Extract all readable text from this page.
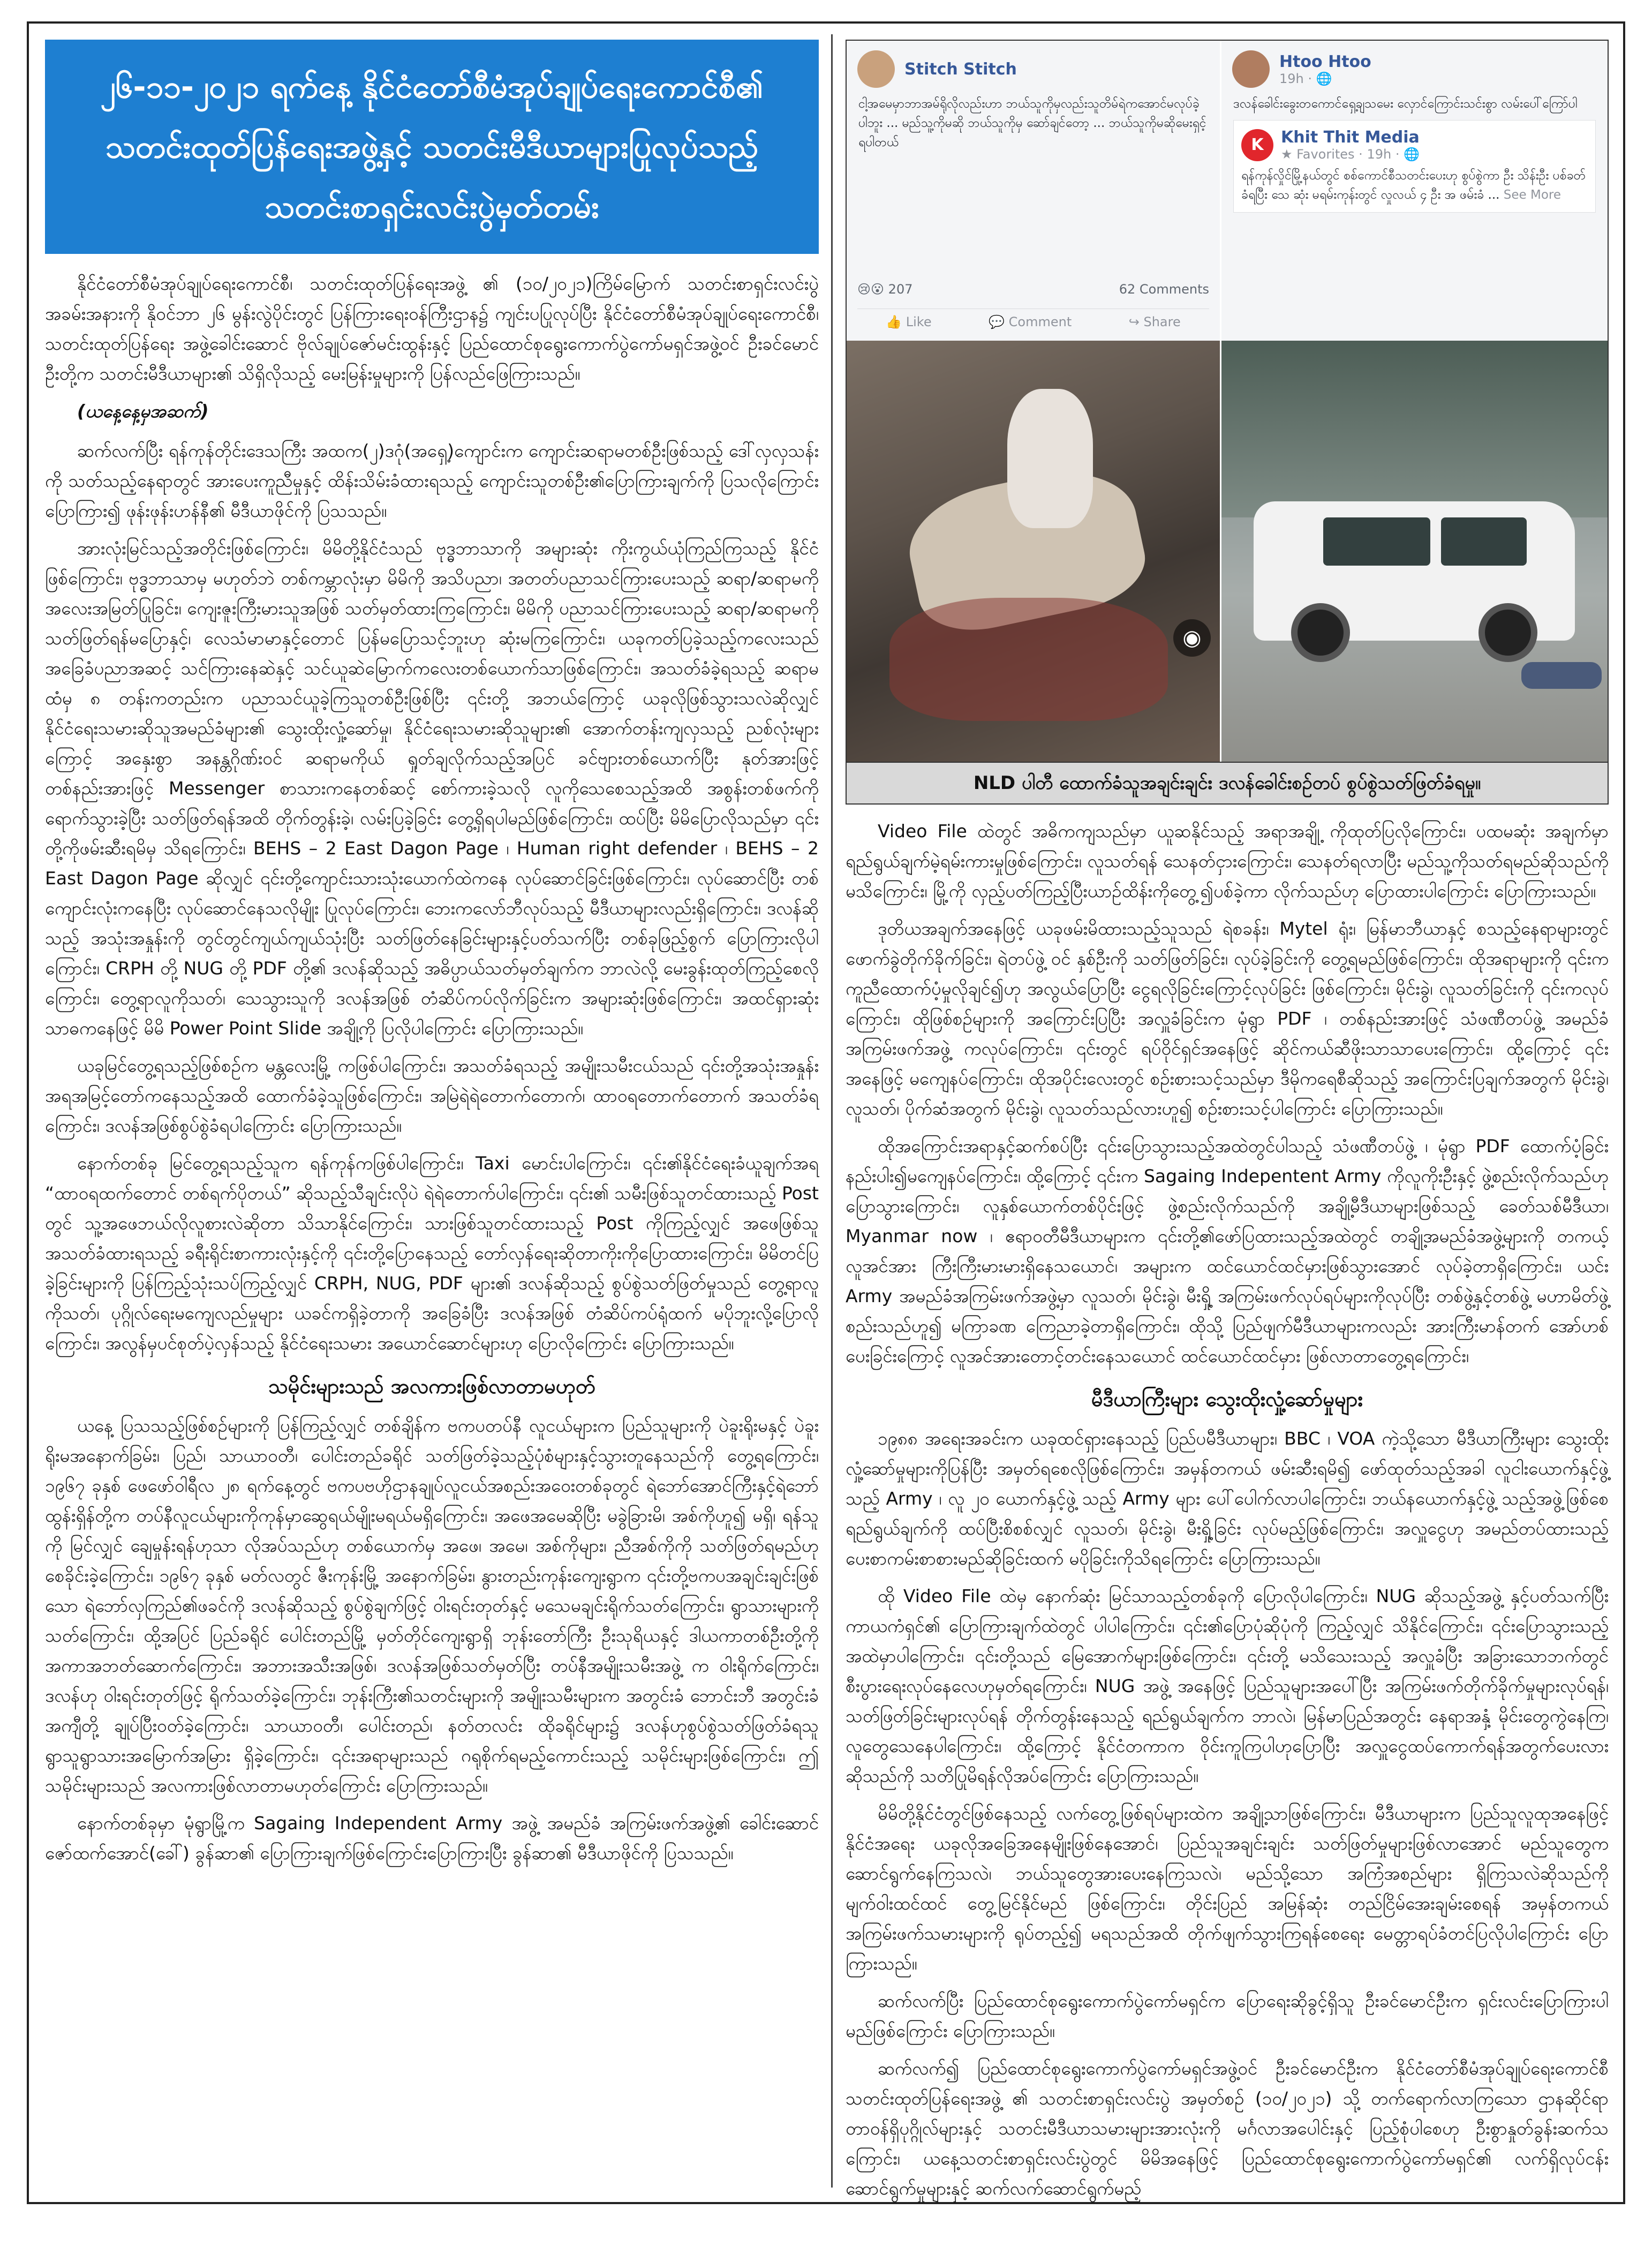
၂၆-၁၁-၂၀၂၁ ရက်နေ့ နိုင်ငံတော်စီမံအုပ်ချုပ်ရေးကောင်စီ၏
သတင်းထုတ်ပြန်ရေးအဖွဲ့နှင့် သတင်းမီဒီယာများပြုလုပ်သည့်
သတင်းစာရှင်းလင်းပွဲမှတ်တမ်း

နိုင်ငံတော်စီမံအုပ်ချုပ်ရေးကောင်စီ၊ သတင်းထုတ်ပြန်ရေးအဖွဲ့ ၏ (၁၀/၂၀၂၁)ကြိမ်မြောက် သတင်းစာရှင်းလင်းပွဲအခမ်းအနားကို နိုဝင်ဘာ ၂၆ မွန်းလွဲပိုင်းတွင် ပြန်ကြားရေးဝန်ကြီးဌာန၌ ကျင်းပပြုလုပ်ပြီး နိုင်ငံတော်စီမံအုပ်ချုပ်ရေးကောင်စီ၊ သတင်းထုတ်ပြန်ရေး အဖွဲ့ခေါင်းဆောင် ဗိုလ်ချုပ်ဇော်မင်းထွန်းနှင့် ပြည်ထောင်စုရွေးကောက်ပွဲကော်မရှင်အဖွဲ့ဝင် ဦးခင်မောင်ဦးတို့က သတင်းမီဒီယာများ၏ သိရှိလိုသည့် မေးမြန်းမှုများကို ပြန်လည်ဖြေကြားသည်။

(ယနေ့နေ့မှအဆက်)

ဆက်လက်ပြီး ရန်ကုန်တိုင်းဒေသကြီး အထက(၂)ဒဂုံ(အရှေ့)ကျောင်းက ကျောင်းဆရာမတစ်ဦးဖြစ်သည့် ဒေါ်လှလှသန်းကို သတ်သည့်နေရာတွင် အားပေးကူညီမှုနှင့် ထိန်းသိမ်းခံထားရသည့် ကျောင်းသူတစ်ဦး၏ပြောကြားချက်ကို ပြသလိုကြောင်းပြောကြား၍ ဖုန်းဖုန်းဟန်နီ၏ မီဒီယာဖိုင်ကို ပြသသည်။

အားလုံးမြင်သည့်အတိုင်းဖြစ်ကြောင်း၊ မိမိတို့နိုင်ငံသည် ဗုဒ္ဓဘာသာကို အများဆုံး ကိုးကွယ်ယုံကြည်ကြသည့် နိုင်ငံဖြစ်ကြောင်း၊ ဗုဒ္ဓဘာသာမှ မဟုတ်ဘဲ တစ်ကမ္ဘာလုံးမှာ မိမိကို အသိပညာ၊ အတတ်ပညာသင်ကြားပေးသည့် ဆရာ/ဆရာမကို အလေးအမြတ်ပြုခြင်း၊ ကျေးဇူးကြီးမားသူအဖြစ် သတ်မှတ်ထားကြကြောင်း၊ မိမိကို ပညာသင်ကြားပေးသည့် ဆရာ/ဆရာမကို သတ်ဖြတ်ရန်မပြောနှင့်၊ လေသံမာမာနှင့်တောင် ပြန်မပြောသင့်ဘူးဟု ဆုံးမကြကြောင်း၊ ယခုကတ်ပြခဲ့သည့်ကလေးသည် အခြေခံပညာအဆင့် သင်ကြားနေဆဲနှင့် သင်ယူဆဲမြောက်ကလေးတစ်ယောက်သာဖြစ်ကြောင်း၊ အသတ်ခံခဲ့ရသည့် ဆရာမထံမှ ၈ တန်းကတည်းက ပညာသင်ယူခဲ့ကြသူတစ်ဦးဖြစ်ပြီး ၎င်းတို့ အဘယ်ကြောင့် ယခုလိုဖြစ်သွားသလဲဆိုလျှင် နိုင်ငံရေးသမားဆိုသူအမည်ခံများ၏ သွေးထိုးလှုံ့ဆော်မှု၊ နိုင်ငံရေးသမားဆိုသူများ၏ အောက်တန်းကျလှသည့် ညစ်လုံးများကြောင့် အနှေးစွာ အနန္တဂိုဏ်းဝင် ဆရာမကိုယ် ရှုတ်ချလိုက်သည့်အပြင် ခင်ဗျားတစ်ယောက်ပြီး နုတ်အားဖြင့်တစ်နည်းအားဖြင့် Messenger စာသားကနေတစ်ဆင့် စော်ကားခဲ့သလို လူကိုသေစေသည့်အထိ အစွန်းတစ်ဖက်ကို ရောက်သွားခဲ့ပြီး သတ်ဖြတ်ရန်အထိ တိုက်တွန်းခဲ့၊ လမ်းပြခဲ့ခြင်း တွေ့ရှိရပါမည်ဖြစ်ကြောင်း၊ ထပ်ပြီး မိမိပြောလိုသည်မှာ ၎င်းတို့ကိုဖမ်းဆီးရမိမှ သိရကြောင်း၊ BEHS – 2 East Dagon Page ၊ Human right defender ၊ BEHS – 2 East Dagon Page ဆိုလျှင် ၎င်းတို့ကျောင်းသားသုံးယောက်ထဲကနေ လုပ်ဆောင်ခြင်းဖြစ်ကြောင်း၊ လုပ်ဆောင်ပြီး တစ်ကျောင်းလုံးကနေပြီး လုပ်ဆောင်နေသလိုမျိုး ပြုလုပ်ကြောင်း၊ ဘေးကလော်ဘီလုပ်သည့် မီဒီယာများလည်းရှိကြောင်း၊ ဒလန်ဆိုသည့် အသုံးအနှုန်းကို တွင်တွင်ကျယ်ကျယ်သုံးပြီး သတ်ဖြတ်နေခြင်းများနှင့်ပတ်သက်ပြီး တစ်ခုဖြည့်စွက် ပြောကြားလိုပါကြောင်း၊ CRPH တို့ NUG တို့ PDF တို့၏ ဒလန်ဆိုသည့် အဓိပ္ပာယ်သတ်မှတ်ချက်က ဘာလဲလို့ မေးခွန်းထုတ်ကြည့်စေလိုကြောင်း၊ တွေ့ရာလူကိုသတ်၊ သေသွားသူကို ဒလန်အဖြစ် တံဆိပ်ကပ်လိုက်ခြင်းက အများဆုံးဖြစ်ကြောင်း၊ အထင်ရှားဆုံးသာဓကနေဖြင့် မိမိ Power Point Slide အချို့ကို ပြလိုပါကြောင်း ပြောကြားသည်။

ယခုမြင်တွေ့ရသည့်ဖြစ်စဉ်က မန္တလေးမြို့ ကဖြစ်ပါကြောင်း၊ အသတ်ခံရသည့် အမျိုးသမီးငယ်သည် ၎င်းတို့အသုံးအနှုန်းအရအမြင့်တော်ကနေသည့်အထိ ထောက်ခံခဲ့သူဖြစ်ကြောင်း၊ အမြဲရဲရဲတောက်တောက်၊ ထာဝရတောက်တောက် အသတ်ခံရကြောင်း၊ ဒလန်အဖြစ်စွပ်စွဲခံရပါကြောင်း ပြောကြားသည်။

နောက်တစ်ခု မြင်တွေ့ရသည့်သူက ရန်ကုန်ကဖြစ်ပါကြောင်း၊ Taxi မောင်းပါကြောင်း၊ ၎င်း၏နိုင်ငံရေးခံယူချက်အရ “ထာဝရထက်တောင် တစ်ရက်ပိုတယ်” ဆိုသည့်သီချင်းလိုပဲ ရဲရဲတောက်ပါကြောင်း၊ ၎င်း၏ သမီးဖြစ်သူတင်ထားသည့် Post တွင် သူ့အဖေဘယ်လိုလူစားလဲဆိုတာ သိသာနိုင်ကြောင်း၊ သားဖြစ်သူတင်ထားသည့် Post ကိုကြည့်လျှင် အဖေဖြစ်သူ အသတ်ခံထားရသည့် ခရီးရိုင်းစာကားလုံးနှင့်ကို ၎င်းတို့ပြောနေသည့် တော်လှန်ရေးဆိုတာကိုးကိုပြောထားကြောင်း၊ မိမိတင်ပြခဲ့ခြင်းများကို ပြန်ကြည့်သုံးသပ်ကြည့်လျှင် CRPH, NUG, PDF များ၏ ဒလန်ဆိုသည့် စွပ်စွဲသတ်ဖြတ်မှုသည် တွေ့ရာလူကိုသတ်၊ ပုဂ္ဂိုလ်ရေးမကျေလည်မှုများ ယခင်ကရှိခဲ့တာကို အခြေခံပြီး ဒလန်အဖြစ် တံဆိပ်ကပ်ရုံထက် မပိုဘူးလို့ပြောလိုကြောင်း၊ အလွန်မှပင်စုတ်ပဲ့လှန်သည့် နိုင်ငံရေးသမား အယောင်ဆောင်များဟု ပြောလိုကြောင်း ပြောကြားသည်။

သမိုင်းများသည် အလကားဖြစ်လာတာမဟုတ်

ယနေ့ ပြသသည့်ဖြစ်စဉ်များကို ပြန်ကြည့်လျှင် တစ်ချိန်က ဗကပတပ်နီ လူငယ်များက ပြည်သူများကို ပဲခူးရိုးမနှင့် ပဲခူးရိုးမအနောက်ခြမ်း၊ ပြည်၊ သာယာဝတီ၊ ပေါင်းတည်ခရိုင် သတ်ဖြတ်ခဲ့သည့်ပုံစံများနှင့်သွားတူနေသည်ကို တွေ့ရကြောင်း၊ ၁၉၆၇ ခုနှစ် ဖေဖော်ဝါရီလ ၂၈ ရက်နေ့တွင် ဗကပဗဟိုဌာနချုပ်လူငယ်အစည်းအဝေးတစ်ခုတွင် ရဲဘော်အောင်ကြီးနှင့်ရဲဘော်ထွန်းရှိန်တို့က တပ်နီလူငယ်များကိုကုန်မှာဆွေရယ်မျိုးမရယ်မရှိကြောင်း၊ အဖေအမေဆိုပြီး မခွဲခြားမိ၊ အစ်ကိုဟူ၍ မရှိ၊ ရန်သူကို မြင်လျှင် ချေမှုန်းရန်ဟုသာ လိုအပ်သည်ဟု တစ်ယောက်မှ အဖေ၊ အမေ၊ အစ်ကိုများ၊ ညီအစ်ကိုကို သတ်ဖြတ်ရမည်ဟု စေခိုင်းခဲ့ကြောင်း၊ ၁၉၆၇ ခုနှစ် မတ်လတွင် ဇီးကုန်းမြို့ အနောက်ခြမ်း၊ နွားတည်းကုန်းကျေးရွာက ၎င်းတို့ဗကပအချင်းချင်းဖြစ်သော ရဲဘော်လှကြည်၏ဖခင်ကို ဒလန်ဆိုသည့် စွပ်စွဲချက်ဖြင့် ဝါးရင်းတုတ်နှင့် မသေမချင်းရိုက်သတ်ကြောင်း၊ ရွာသားများကိုသတ်ကြောင်း၊ ထို့အပြင် ပြည်ခရိုင် ပေါင်းတည်မြို့ မှတ်တိုင်ကျေးရွာရှိ ဘုန်းတော်ကြီး ဦးသုရိယနှင့် ဒါယကာတစ်ဦးတို့ကို အကာအဘတ်ဆောက်ကြောင်း၊ အဘားအသီးအဖြစ်၊ ဒလန်အဖြစ်သတ်မှတ်ပြီး တပ်နီအမျိုးသမီးအဖွဲ့ က ဝါးရိုက်ကြောင်း၊ ဒလန်ဟု ဝါးရင်းတုတ်ဖြင့် ရိုက်သတ်ခဲ့ကြောင်း၊ ဘုန်းကြီး၏သတင်းများကို အမျိုးသမီးများက အတွင်းခံ ဘောင်းဘီ အတွင်းခံအကျီတို့ ချုပ်ပြီးဝတ်ခဲ့ကြောင်း၊ သာယာဝတီ၊ ပေါင်းတည်၊ နတ်တလင်း ထိုခရိုင်များ၌ ဒလန်ဟုစွပ်စွဲသတ်ဖြတ်ခံရသူ ရွာသူရွာသားအမြောက်အမြား ရှိခဲ့ကြောင်း၊ ၎င်းအရာများသည် ဂရုစိုက်ရမည့်ကောင်းသည့် သမိုင်းများဖြစ်ကြောင်း၊ ဤသမိုင်းများသည် အလကားဖြစ်လာတာမဟုတ်ကြောင်း ပြောကြားသည်။

နောက်တစ်ခုမှာ မုံရွာမြို့က Sagaing Independent Army အဖွဲ့ အမည်ခံ အကြမ်းဖက်အဖွဲ့၏ ခေါင်းဆောင် ဇော်ထက်အောင်(ခေါ်) ခွန်ဆာ၏ ပြောကြားချက်ဖြစ်ကြောင်းပြောကြားပြီး ခွန်ဆာ၏ မီဒီယာဖိုင်ကို ပြသသည်။

Stitch Stitch
ငါ့အမေမှာဘာအမ်ရိုလိုလည်းဟာ ဘယ်သူကိုမှလည်းသူတိမ်ရဲကအောင်မလုပ်ခဲ့ပါဘူး ... မည်သူ့ကိုမဆို ဘယ်သူကိုမှ ဆော်ချင်တော့ ... ဘယ်သူကိုမဆိုမေးရှင့်ရပါတယ်
😢😮 207	62 Comments
👍 Like	💬 Comment	↪ Share
Htoo Htoo
19h · 🌐
ဒလန်ခေါင်းခွေးတကောင်ရှေ့ချသမေး လှောင်ကြောင်းသင်းစွာ လမ်းပေါ်ကြော်ပါ
K	Khit Thit Media
★ Favorites · 19h · 🌐
ရန်ကုန်လှိုင်မြို့နယ်တွင် စစ်ကောင်စီသတင်းပေးဟု စွပ်စွဲကာ ဦး သိန်းဦး ပစ်ခတ်ခံရပြီး သေ ဆုံး မရမ်းကုန်းတွင် လှုလယ် ၄ ဦး အ ဖမ်းခံ ... See More
◉
NLD ပါတီ ထောက်ခံသူအချင်းချင်း ဒလန်ခေါင်းစဉ်တပ် စွပ်စွဲသတ်ဖြတ်ခံရမှု။

Video File ထဲတွင် အဓိကကျသည်မှာ ယူဆနိုင်သည့် အရာအချို့ ကိုထုတ်ပြလိုကြောင်း၊ ပထမဆုံး အချက်မှာ ရည်ရွယ်ချက်မဲ့ရမ်းကားမှုဖြစ်ကြောင်း၊ လူသတ်ရန် သေနတ်ငှားကြောင်း၊ သေနတ်ရလာပြီး မည်သူ့ကိုသတ်ရမည်ဆိုသည်ကို မသိကြောင်း၊ မြို့ကို လှည့်ပတ်ကြည့်ပြီးယာဉ်ထိန်းကိုတွေ့၍ပစ်ခဲ့ကာ လိုက်သည်ဟု ပြောထားပါကြောင်း ပြောကြားသည်။

ဒုတိယအချက်အနေဖြင့် ယခုဖမ်းမိထားသည့်သူသည် ရဲစခန်း၊ Mytel ရုံး၊ မြန်မာဘီယာနှင့် စသည့်နေရာများတွင် ဖောက်ခွဲတိုက်ခိုက်ခြင်း၊ ရဲတပ်ဖွဲ့ ဝင် နှစ်ဦးကို သတ်ဖြတ်ခြင်း၊ လုပ်ခဲ့ခြင်းကို တွေ့ရမည်ဖြစ်ကြောင်း၊ ထိုအရာများကို ၎င်းက ကူညီထောက်ပံ့မှုလိုချင်၍ဟု အလွယ်ပြောပြီး ငွေရလိုခြင်းကြောင့်လုပ်ခြင်း ဖြစ်ကြောင်း၊ မိုင်းခွဲ၊ လူသတ်ခြင်းကို ၎င်းကလုပ်ကြောင်း၊ ထိုဖြစ်စဉ်များကို အကြောင်းပြပြီး အလှူခံခြင်းက မုံရွာ PDF ၊ တစ်နည်းအားဖြင့် သံဖဏီတပ်ဖွဲ့ အမည်ခံအကြမ်းဖက်အဖွဲ့ ကလုပ်ကြောင်း၊ ၎င်းတွင် ရပ်ဝိုင်ရှင်အနေဖြင့် ဆိုင်ကယ်ဆီဖိုးသာသာပေးကြောင်း၊ ထို့ကြောင့် ၎င်းအနေဖြင့် မကျေနပ်ကြောင်း၊ ထိုအပိုင်းလေးတွင် စဉ်းစားသင့်သည်မှာ ဒီမိုကရေစီဆိုသည့် အကြောင်းပြချက်အတွက် မိုင်းခွဲ၊ လူသတ်၊ ပိုက်ဆံအတွက် မိုင်းခွဲ၊ လူသတ်သည်လားဟူ၍ စဉ်းစားသင့်ပါကြောင်း ပြောကြားသည်။

ထိုအကြောင်းအရာနှင့်ဆက်စပ်ပြီး ၎င်းပြောသွားသည့်အထဲတွင်ပါသည့် သံဖဏီတပ်ဖွဲ့ ၊ မုံရွာ PDF ထောက်ပံ့ခြင်း နည်းပါး၍မကျေနပ်ကြောင်း၊ ထို့ကြောင့် ၎င်းက Sagaing Indepentent Army ကိုလူကိုးဦးနှင့် ဖွဲ့စည်းလိုက်သည်ဟု ပြောသွားကြောင်း၊ လူနှစ်ယောက်တစ်ပိုင်းဖြင့် ဖွဲ့စည်းလိုက်သည်ကို အချို့မီဒီယာများဖြစ်သည့် ခေတ်သစ်မီဒီယာ၊ Myanmar now ၊ ဧရာဝတီမီဒီယာများက ၎င်းတို့၏ဖော်ပြထားသည့်အထဲတွင် တချို့အမည်ခံအဖွဲ့များကို တကယ့်လူအင်အား ကြီးကြီးမားမားရှိနေသယောင်၊ အများက ထင်ယောင်ထင်မှားဖြစ်သွားအောင် လုပ်ခဲ့တာရှိကြောင်း၊ ယင်း Army အမည်ခံအကြမ်းဖက်အဖွဲ့မှာ လူသတ်၊ မိုင်းခွဲ၊ မီးရှို့ အကြမ်းဖက်လုပ်ရပ်များကိုလုပ်ပြီး တစ်ဖွဲ့နှင့်တစ်ဖွဲ့ မဟာမိတ်ဖွဲ့ စည်းသည်ဟူ၍ မကြာခဏ ကြေညာခဲ့တာရှိကြောင်း၊ ထိုသို့ ပြည်ဖျက်မီဒီယာများကလည်း အားကြီးမာန်တက် အော်ဟစ်ပေးခြင်းကြောင့် လူအင်အားတောင့်တင်းနေသယောင် ထင်ယောင်ထင်မှား ဖြစ်လာတာတွေ့ရကြောင်း၊

မီဒီယာကြီးများ သွေးထိုးလှုံ့ဆော်မှုများ

၁၉၈၈ အရေးအခင်းက ယခုထင်ရှားနေသည့် ပြည်ပမီဒီယာများ၊ BBC ၊ VOA ကဲ့သို့သော မီဒီယာကြီးများ သွေးထိုးလှုံ့ဆော်မှုများကိုပြန်ပြီး အမှတ်ရစေလိုဖြစ်ကြောင်း၊ အမှန်တကယ် ဖမ်းဆီးရမိ၍ ဖော်ထုတ်သည့်အခါ လူငါးယောက်နှင့်ဖွဲ့ သည့် Army ၊ လူ ၂၀ ယောက်နှင့်ဖွဲ့ သည့် Army များ ပေါ်ပေါက်လာပါကြောင်း၊ ဘယ်နယောက်နှင့်ဖွဲ့ သည့်အဖွဲ့ဖြစ်စေ ရည်ရွယ်ချက်ကို ထပ်ပြီးစိစစ်လျှင် လူသတ်၊ မိုင်းခွဲ၊ မီးရှို့ခြင်း လုပ်မည့်ဖြစ်ကြောင်း၊ အလှူငွေဟု အမည်တပ်ထားသည့် ပေးစာကမ်းစာစားမည်ဆိုခြင်းထက် မပိုခြင်းကိုသိရကြောင်း ပြောကြားသည်။

ထို Video File ထဲမှ နောက်ဆုံး မြင်သာသည့်တစ်ခုကို ပြောလိုပါကြောင်း၊ NUG ဆိုသည့်အဖွဲ့ နှင့်ပတ်သက်ပြီး ကာယကံရှင်၏ ပြောကြားချက်ထဲတွင် ပါပါကြောင်း၊ ၎င်း၏ပြောပုံဆိုပုံကို ကြည့်လျှင် သိနိုင်ကြောင်း၊ ၎င်းပြောသွားသည့် အထဲမှာပါကြောင်း၊ ၎င်းတို့သည် မြေအောက်များဖြစ်ကြောင်း၊ ၎င်းတို့ မသိသေးသည့် အလှူခံပြီး အခြားသောဘက်တွင် စီးပွားရေးလုပ်နေလေဟုမှတ်ရကြောင်း၊ NUG အဖွဲ့ အနေဖြင့် ပြည်သူများအပေါ်ပြီး အကြမ်းဖက်တိုက်ခိုက်မှုများလုပ်ရန်၊ သတ်ဖြတ်ခြင်းများလုပ်ရန် တိုက်တွန်းနေသည့် ရည်ရွယ်ချက်က ဘာလဲ၊ မြန်မာပြည်အတွင်း နေရာအနှံ့ မိုင်းတွေကွဲနေကြ၊ လူတွေသေနေပါကြောင်း၊ ထို့ကြောင့် နိုင်ငံတကာက ဝိုင်းကူကြပါဟုပြောပြီး အလှူငွေထပ်ကောက်ရန်အတွက်ပေးလားဆိုသည်ကို သတိပြုမိရန်လိုအပ်ကြောင်း ပြောကြားသည်။

မိမိတို့နိုင်ငံတွင်ဖြစ်နေသည့် လက်တွေ့ဖြစ်ရပ်များထဲက အချို့သာဖြစ်ကြောင်း၊ မီဒီယာများက ပြည်သူလူထုအနေဖြင့် နိုင်ငံအရေး ယခုလိုအခြေအနေမျိုးဖြစ်နေအောင်၊ ပြည်သူအချင်းချင်း သတ်ဖြတ်မှုများဖြစ်လာအောင် မည်သူတွေက ဆောင်ရွက်နေကြသလဲ၊ ဘယ်သူတွေအားပေးနေကြသလဲ၊ မည်သို့သော အကြံအစည်များ ရှိကြသလဲဆိုသည်ကို မျက်ဝါးထင်ထင် တွေ့မြင်နိုင်မည် ဖြစ်ကြောင်း၊ တိုင်းပြည် အမြန်ဆုံး တည်ငြိမ်အေးချမ်းစေရန် အမှန်တကယ်အကြမ်းဖက်သမားများကို ရုပ်တည့်၍ မရသည်အထိ တိုက်ဖျက်သွားကြရန်စေရေး မေတ္တာရပ်ခံတင်ပြလိုပါကြောင်း ပြောကြားသည်။

ဆက်လက်ပြီး ပြည်ထောင်စုရွေးကောက်ပွဲကော်မရှင်က ပြောရေးဆိုခွင့်ရှိသူ ဦးခင်မောင်ဦးက ရှင်းလင်းပြောကြားပါမည်ဖြစ်ကြောင်း ပြောကြားသည်။

ဆက်လက်၍ ပြည်ထောင်စုရွေးကောက်ပွဲကော်မရှင်အဖွဲ့ဝင် ဦးခင်မောင်ဦးက နိုင်ငံတော်စီမံအုပ်ချုပ်ရေးကောင်စီ သတင်းထုတ်ပြန်ရေးအဖွဲ့ ၏ သတင်းစာရှင်းလင်းပွဲ အမှတ်စဉ် (၁၀/၂၀၂၁) သို့ တက်ရောက်လာကြသော ဌာနဆိုင်ရာတာဝန်ရှိပုဂ္ဂိုလ်များနှင့် သတင်းမီဒီယာသမားများအားလုံးကို မင်္ဂလာအပေါင်းနှင့် ပြည့်စုံပါစေဟု ဦးစွာနှုတ်ခွန်းဆက်သကြောင်း၊ ယနေ့သတင်းစာရှင်းလင်းပွဲတွင် မိမိအနေဖြင့် ပြည်ထောင်စုရွေးကောက်ပွဲကော်မရှင်၏ လက်ရှိလုပ်ငန်းဆောင်ရွက်မှုများနှင့် ဆက်လက်ဆောင်ရွက်မည့်
